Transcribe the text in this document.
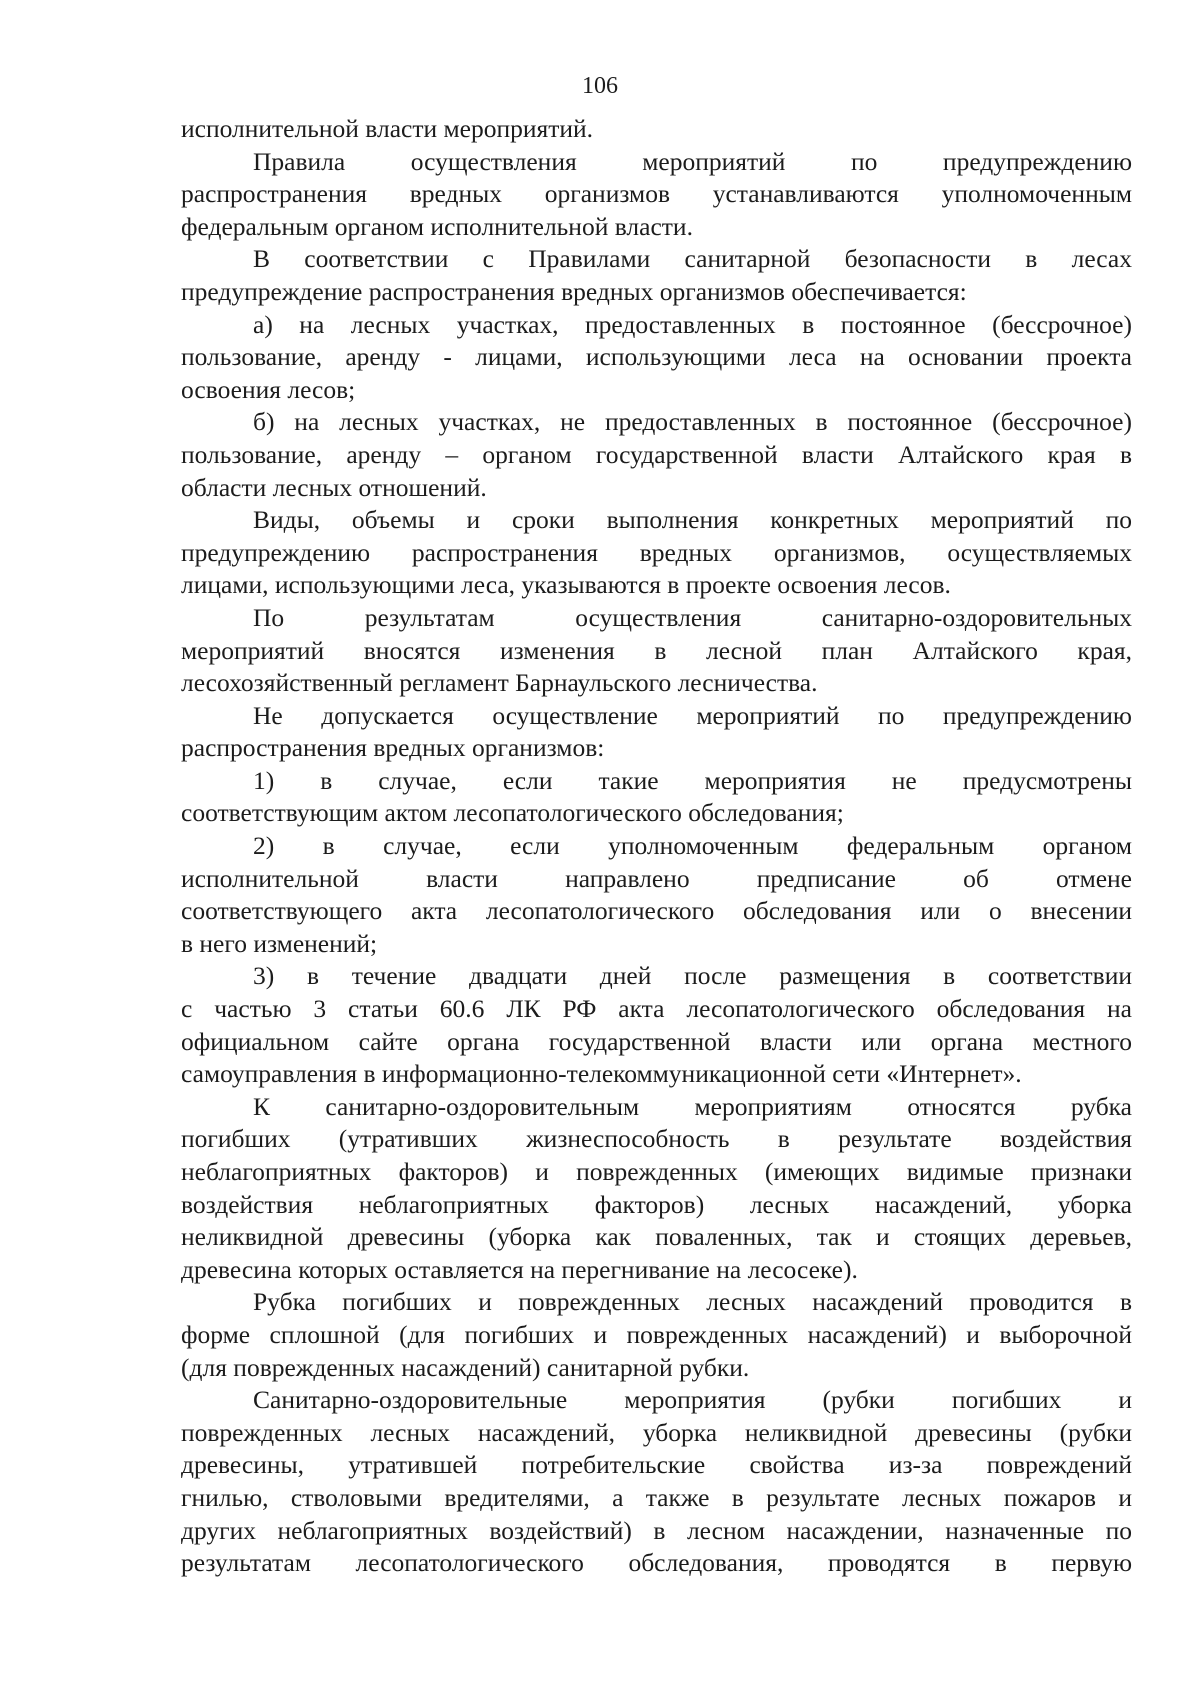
106
исполнительной власти мероприятий.
Правила осуществления мероприятий по предупреждению
распространения вредных организмов устанавливаются уполномоченным
федеральным органом исполнительной власти.
В соответствии с Правилами санитарной безопасности в лесах
предупреждение распространения вредных организмов обеспечивается:
а) на лесных участках, предоставленных в постоянное (бессрочное)
пользование, аренду - лицами, использующими леса на основании проекта
освоения лесов;
б) на лесных участках, не предоставленных в постоянное (бессрочное)
пользование, аренду – органом государственной власти Алтайского края в
области лесных отношений.
Виды, объемы и сроки выполнения конкретных мероприятий по
предупреждению распространения вредных организмов, осуществляемых
лицами, использующими леса, указываются в проекте освоения лесов.
По результатам осуществления санитарно-оздоровительных
мероприятий вносятся изменения в лесной план Алтайского края,
лесохозяйственный регламент Барнаульского лесничества.
Не допускается осуществление мероприятий по предупреждению
распространения вредных организмов:
1) в случае, если такие мероприятия не предусмотрены
соответствующим актом лесопатологического обследования;
2) в случае, если уполномоченным федеральным органом
исполнительной власти направлено предписание об отмене
соответствующего акта лесопатологического обследования или о внесении
в него изменений;
3) в течение двадцати дней после размещения в соответствии
с частью 3 статьи 60.6 ЛК РФ акта лесопатологического обследования на
официальном сайте органа государственной власти или органа местного
самоуправления в информационно-телекоммуникационной сети «Интернет».
К санитарно-оздоровительным мероприятиям относятся рубка
погибших (утративших жизнеспособность в результате воздействия
неблагоприятных факторов) и поврежденных (имеющих видимые признаки
воздействия неблагоприятных факторов) лесных насаждений, уборка
неликвидной древесины (уборка как поваленных, так и стоящих деревьев,
древесина которых оставляется на перегнивание на лесосеке).
Рубка погибших и поврежденных лесных насаждений проводится в
форме сплошной (для погибших и поврежденных насаждений) и выборочной
(для поврежденных насаждений) санитарной рубки.
Санитарно-оздоровительные мероприятия (рубки погибших и
поврежденных лесных насаждений, уборка неликвидной древесины (рубки
древесины, утратившей потребительские свойства из-за повреждений
гнилью, стволовыми вредителями, а также в результате лесных пожаров и
других неблагоприятных воздействий) в лесном насаждении, назначенные по
результатам лесопатологического обследования, проводятся в первую
